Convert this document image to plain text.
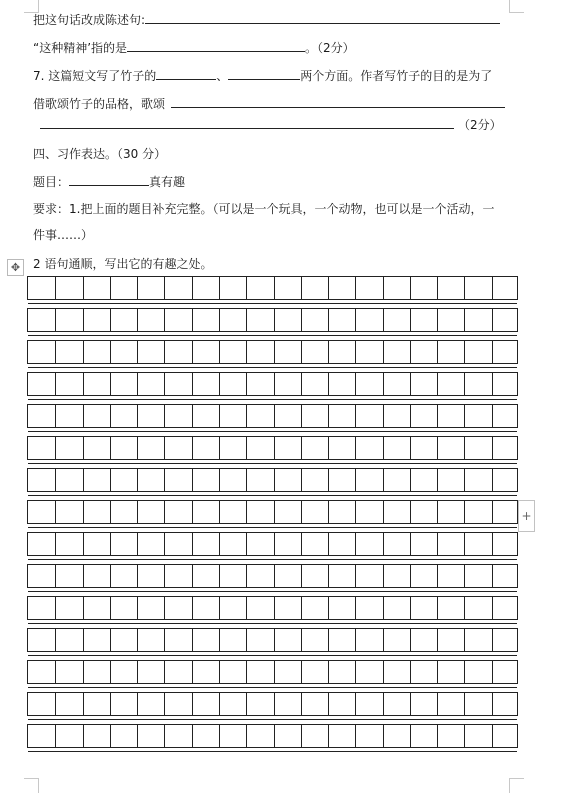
把这句话改成陈述句:
“这种精神’指的是	。（2分）
7. 这篇短文写了竹子的	、	两个方面。作者写竹子的目的是为了
借歌颂竹子的品格，歌颂
（2分）
四、习作表达。（30 分）
题目：	真有趣
要求：1.把上面的题目补充完整。（可以是一个玩具，一个动物，也可以是一个活动，一
件事……）
2 语句通顺，写出它的有趣之处。
✥
+
